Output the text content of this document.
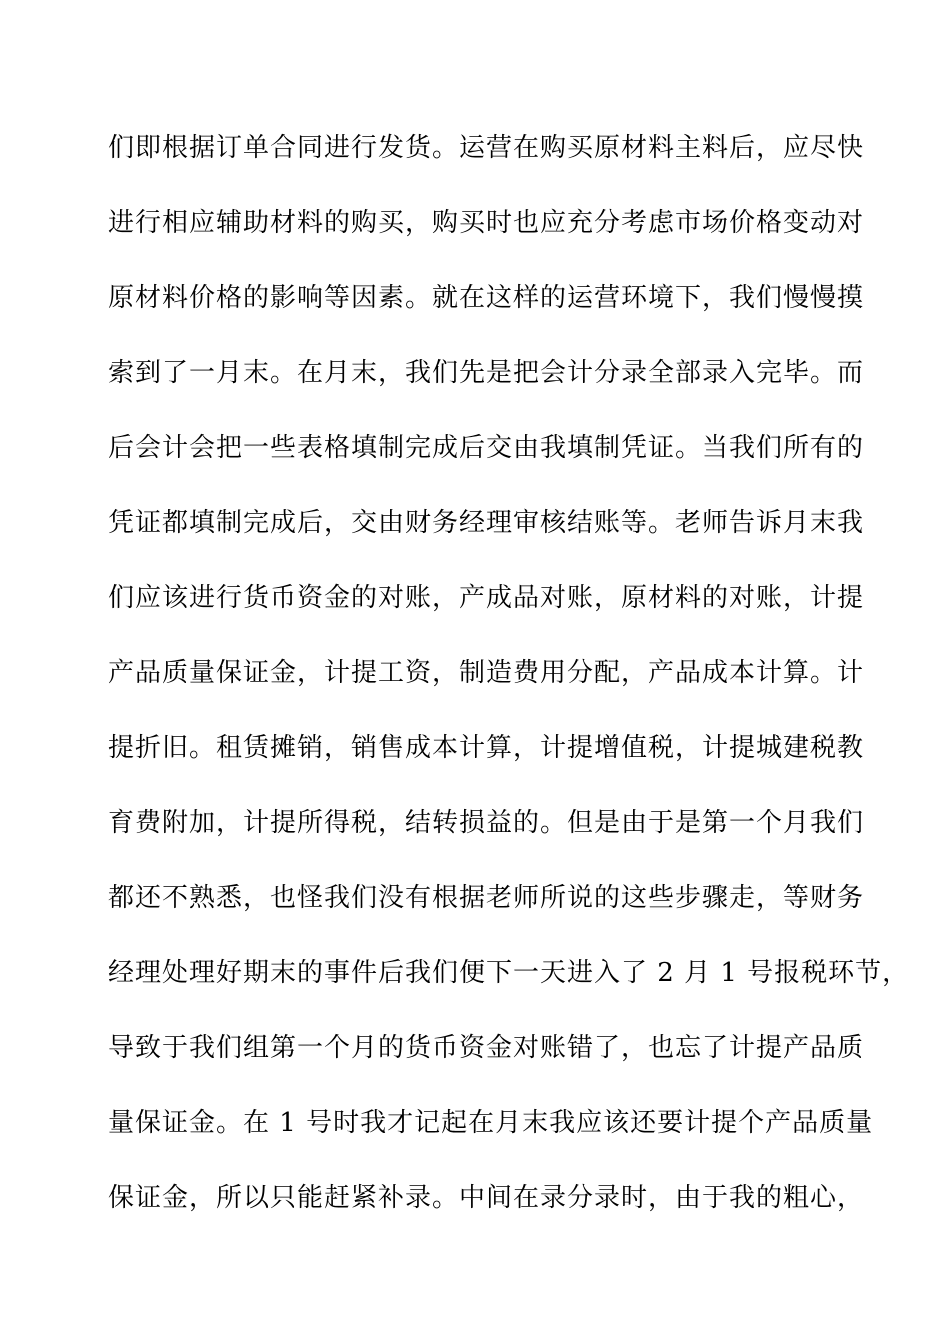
们即根据订单合同进行发货。运营在购买原材料主料后，应尽快
进行相应辅助材料的购买，购买时也应充分考虑市场价格变动对
原材料价格的影响等因素。就在这样的运营环境下，我们慢慢摸
索到了一月末。在月末，我们先是把会计分录全部录入完毕。而
后会计会把一些表格填制完成后交由我填制凭证。当我们所有的
凭证都填制完成后，交由财务经理审核结账等。老师告诉月末我
们应该进行货币资金的对账，产成品对账，原材料的对账，计提
产品质量保证金，计提工资，制造费用分配，产品成本计算。计
提折旧。租赁摊销，销售成本计算，计提增值税，计提城建税教
育费附加，计提所得税，结转损益的。但是由于是第一个月我们
都还不熟悉，也怪我们没有根据老师所说的这些步骤走，等财务
经理处理好期末的事件后我们便下一天进入了 2 月 1 号报税环节，
导致于我们组第一个月的货币资金对账错了，也忘了计提产品质
量保证金。在 1 号时我才记起在月末我应该还要计提个产品质量
保证金，所以只能赶紧补录。中间在录分录时，由于我的粗心，
